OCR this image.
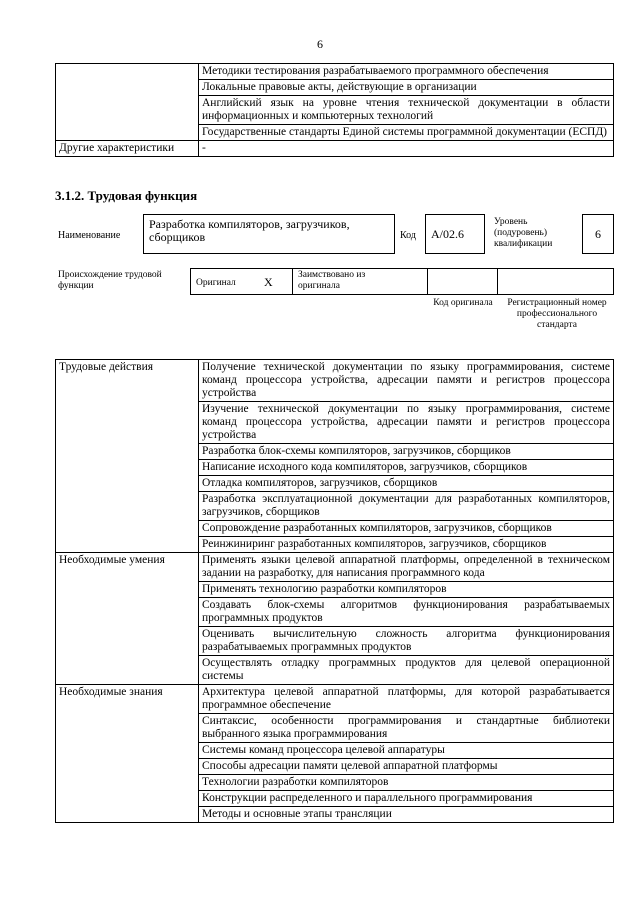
6
	Методики тестирования разрабатываемого программного обеспечения
	Локальные правовые акты, действующие в организации
	Английский язык на уровне чтения технической документации в области информационных и компьютерных технологий
	Государственные стандарты Единой системы программной документации (ЕСПД)
Другие характеристики	-
3.1.2. Трудовая функция
Наименование
Разработка компиляторов, загрузчиков, сборщиков	Код	A/02.6
Уровень (подуровень) квалификации
6
Происхождение трудовой функции	Оригинал X	Заимствовано из оригинала
Код оригинала Регистрационный номер профессионального стандарта
Трудовые действия	Получение технической документации по языку программирования, системе команд процессора устройства, адресации памяти и регистров процессора устройства
	Изучение технической документации по языку программирования, системе команд процессора устройства, адресации памяти и регистров процессора устройства
	Разработка блок-схемы компиляторов, загрузчиков, сборщиков
	Написание исходного кода компиляторов, загрузчиков, сборщиков
	Отладка компиляторов, загрузчиков, сборщиков
	Разработка эксплуатационной документации для разработанных компиляторов, загрузчиков, сборщиков
	Сопровождение разработанных компиляторов, загрузчиков, сборщиков
	Реинжиниринг разработанных компиляторов, загрузчиков, сборщиков
Необходимые умения	Применять языки целевой аппаратной платформы, определенной в техническом задании на разработку, для написания программного кода
	Применять технологию разработки компиляторов
	Создавать блок-схемы алгоритмов функционирования разрабатываемых программных продуктов
	Оценивать вычислительную сложность алгоритма функционирования разрабатываемых программных продуктов
	Осуществлять отладку программных продуктов для целевой операционной системы
Необходимые знания	Архитектура целевой аппаратной платформы, для которой разрабатывается программное обеспечение
	Синтаксис, особенности программирования и стандартные библиотеки выбранного языка программирования
	Системы команд процессора целевой аппаратуры
	Способы адресации памяти целевой аппаратной платформы
	Технологии разработки компиляторов
	Конструкции распределенного и параллельного программирования
	Методы и основные этапы трансляции
